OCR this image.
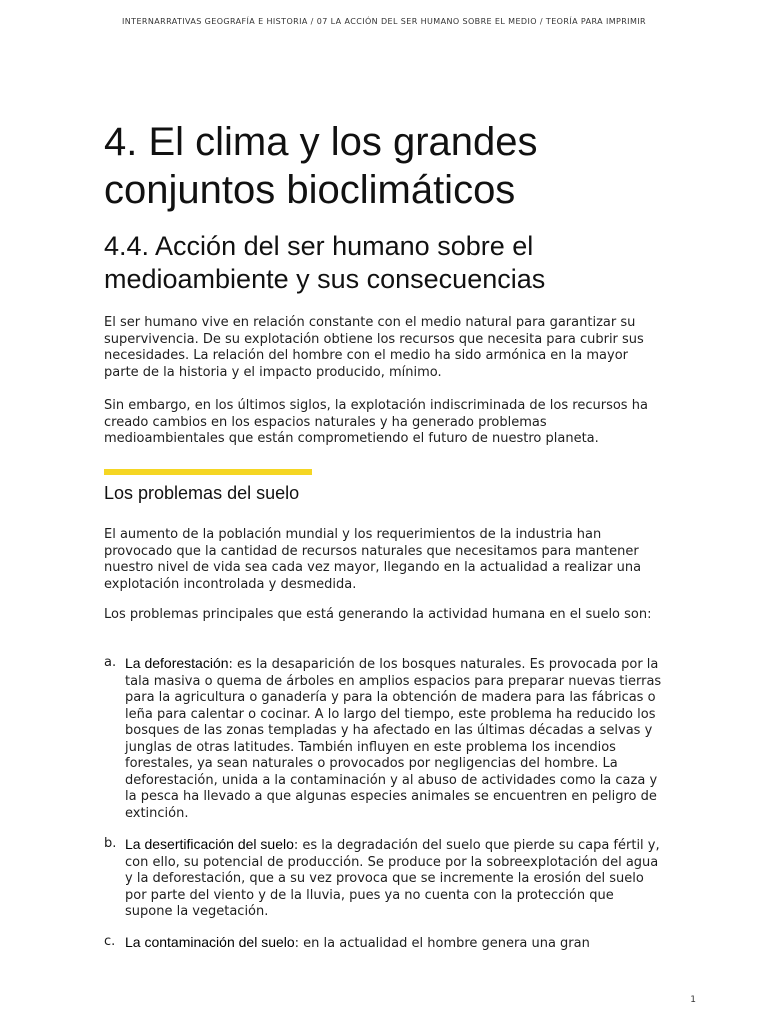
INTERNARRATIVAS GEOGRAFÍA E HISTORIA / 07 LA ACCIÓN DEL SER HUMANO SOBRE EL MEDIO / TEORÍA PARA IMPRIMIR
4. El clima y los grandes conjuntos bioclimáticos
4.4. Acción del ser humano sobre el medioambiente y sus consecuencias

El ser humano vive en relación constante con el medio natural para garantizar su supervivencia. De su explotación obtiene los recursos que necesita para cubrir sus necesidades. La relación del hombre con el medio ha sido armónica en la mayor parte de la historia y el impacto producido, mínimo.

Sin embargo, en los últimos siglos, la explotación indiscriminada de los recursos ha creado cambios en los espacios naturales y ha generado problemas medioambientales que están comprometiendo el futuro de nuestro planeta.

Los problemas del suelo

El aumento de la población mundial y los requerimientos de la industria han provocado que la cantidad de recursos naturales que necesitamos para mantener nuestro nivel de vida sea cada vez mayor, llegando en la actualidad a realizar una explotación incontrolada y desmedida.

Los problemas principales que está generando la actividad humana en el suelo son:

a. La deforestación: es la desaparición de los bosques naturales. Es provocada por la tala masiva o quema de árboles en amplios espacios para preparar nuevas tierras para la agricultura o ganadería y para la obtención de madera para las fábricas o leña para calentar o cocinar. A lo largo del tiempo, este problema ha reducido los bosques de las zonas templadas y ha afectado en las últimas décadas a selvas y junglas de otras latitudes. También influyen en este problema los incendios forestales, ya sean naturales o provocados por negligencias del hombre. La deforestación, unida a la contaminación y al abuso de actividades como la caza y la pesca ha llevado a que algunas especies animales se encuentren en peligro de extinción.
b. La desertificación del suelo: es la degradación del suelo que pierde su capa fértil y, con ello, su potencial de producción. Se produce por la sobreexplotación del agua y la deforestación, que a su vez provoca que se incremente la erosión del suelo por parte del viento y de la lluvia, pues ya no cuenta con la protección que supone la vegetación.
c. La contaminación del suelo: en la actualidad el hombre genera una gran
1
